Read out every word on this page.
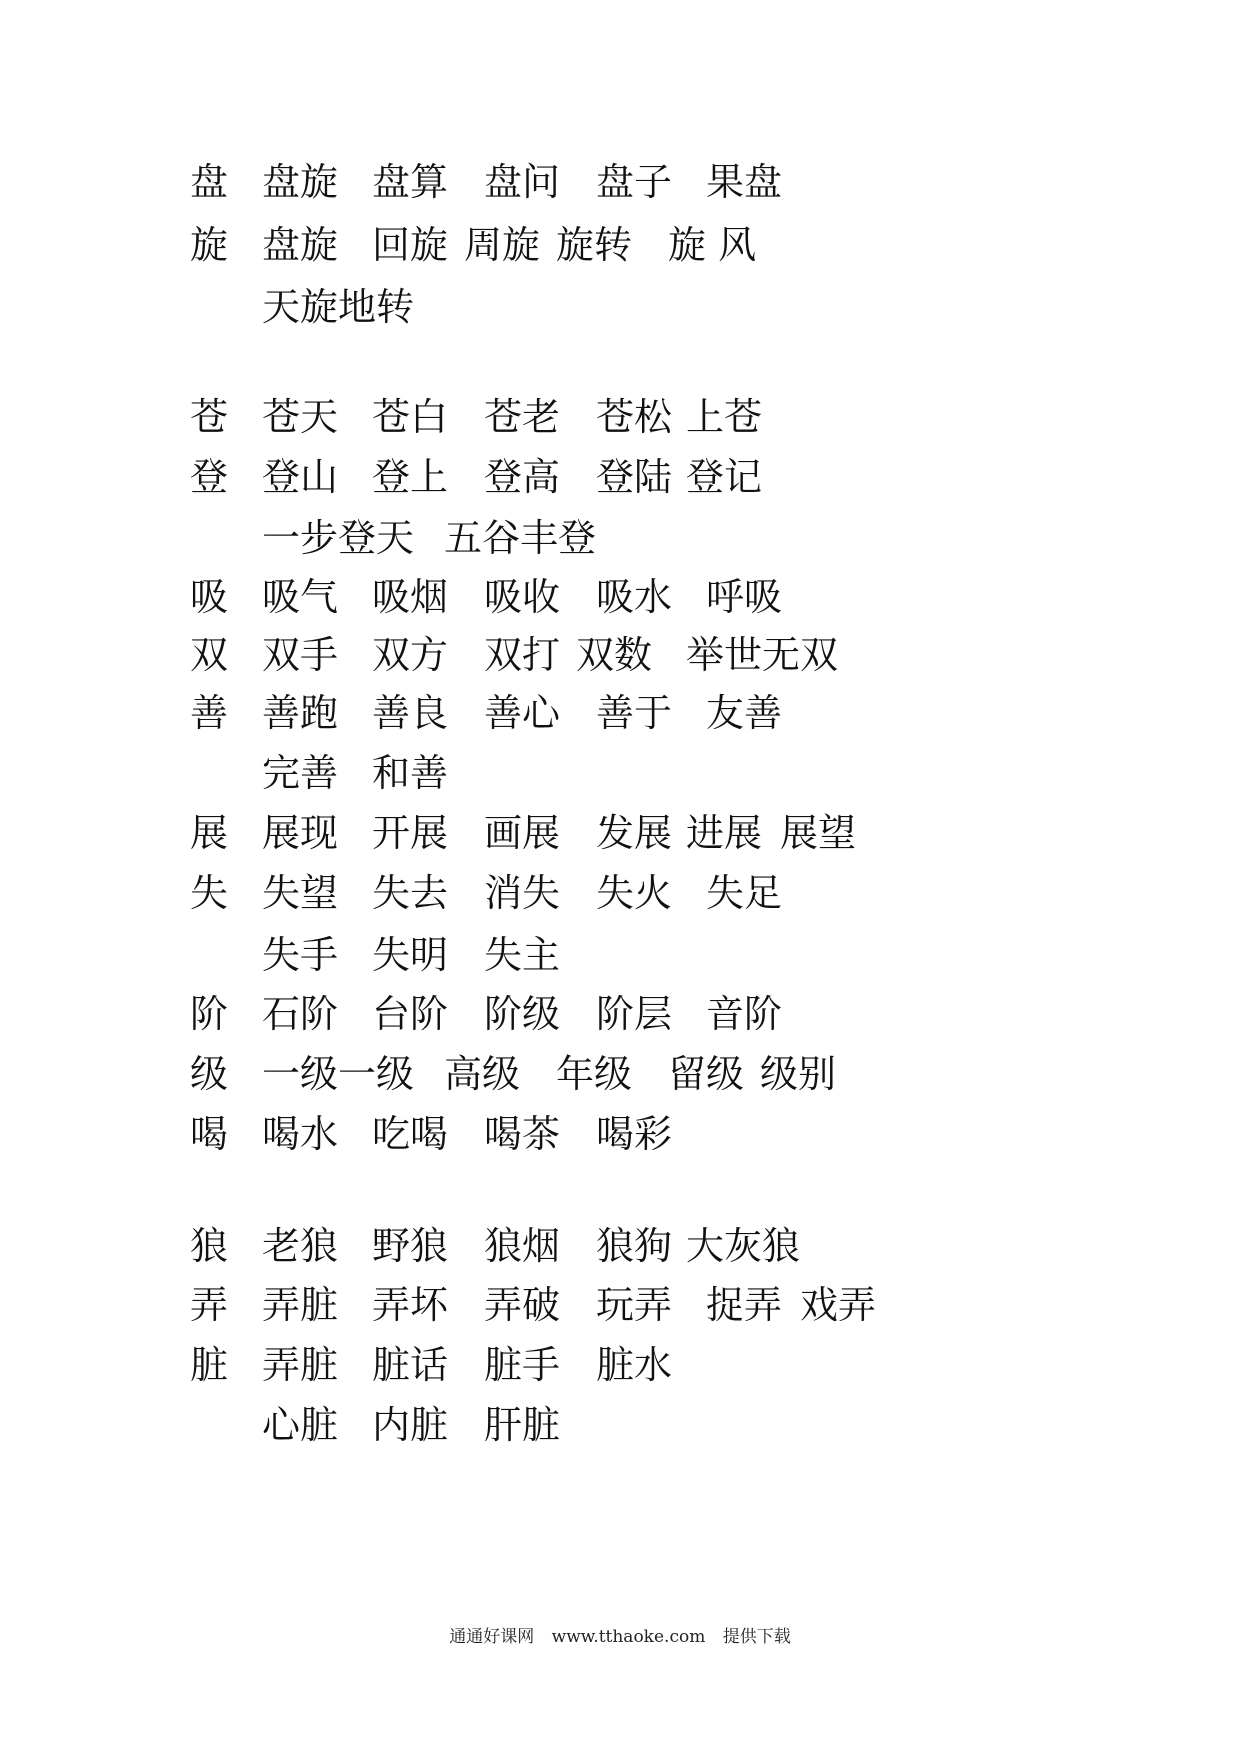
盘 盘旋 盘算 盘问 盘子 果盘
旋 盘旋 回旋 周旋 旋转 旋 风
天旋地转
苍 苍天 苍白 苍老 苍松 上苍
登 登山 登上 登高 登陆 登记
一步登天 五谷丰登
吸 吸气 吸烟 吸收 吸水 呼吸
双 双手 双方 双打 双数 举世无双
善 善跑 善良 善心 善于 友善
完善 和善
展 展现 开展 画展 发展 进展 展望
失 失望 失去 消失 失火 失足
失手 失明 失主
阶 石阶 台阶 阶级 阶层 音阶
级 一级一级 高级 年级 留级 级别
喝 喝水 吃喝 喝茶 喝彩
狼 老狼 野狼 狼烟 狼狗 大灰狼
弄 弄脏 弄坏 弄破 玩弄 捉弄 戏弄
脏 弄脏 脏话 脏手 脏水
心脏 内脏 肝脏
通通好课网 www.tthaoke.com 提供下载
